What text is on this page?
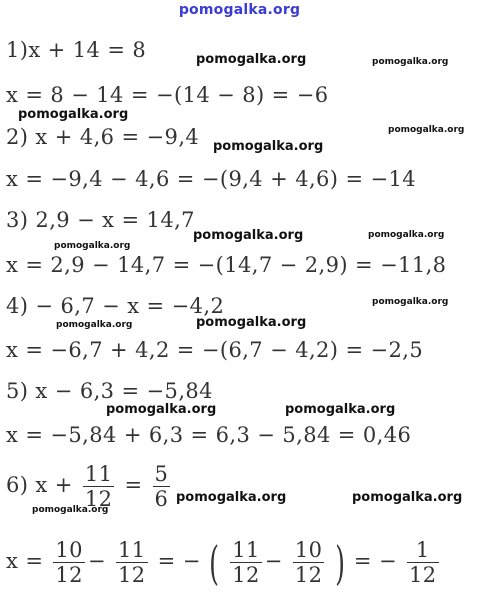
pomogalka.org
1)x + 14 = 8
x = 8 − 14 = −(14 − 8) = −6
2) x + 4,6 = −9,4
x = −9,4 − 4,6 = −(9,4 + 4,6) = −14
3) 2,9 − x = 14,7
x = 2,9 − 14,7 = −(14,7 − 2,9) = −11,8
4) − 6,7 − x = −4,2
x = −6,7 + 4,2 = −(6,7 − 4,2) = −2,5
5) x − 6,3 = −5,84
x = −5,84 + 6,3 = 6,3 − 5,84 = 0,46
6) $x + \frac{11}{12} = \frac{5}{6}$
$x = \frac{10}{12} - \frac{11}{12}$ = − ( $\frac{11}{12} - \frac{10}{12}$ ) = − $\frac{1}{12}$
pomogalka.org	pomogalka.org
pomogalka.org
pomogalka.org
pomogalka.org
pomogalka.org	pomogalka.org
pomogalka.org
pomogalka.org
pomogalka.org
pomogalka.org
pomogalka.org	pomogalka.org
pomogalka.org	pomogalka.org
pomogalka.org
